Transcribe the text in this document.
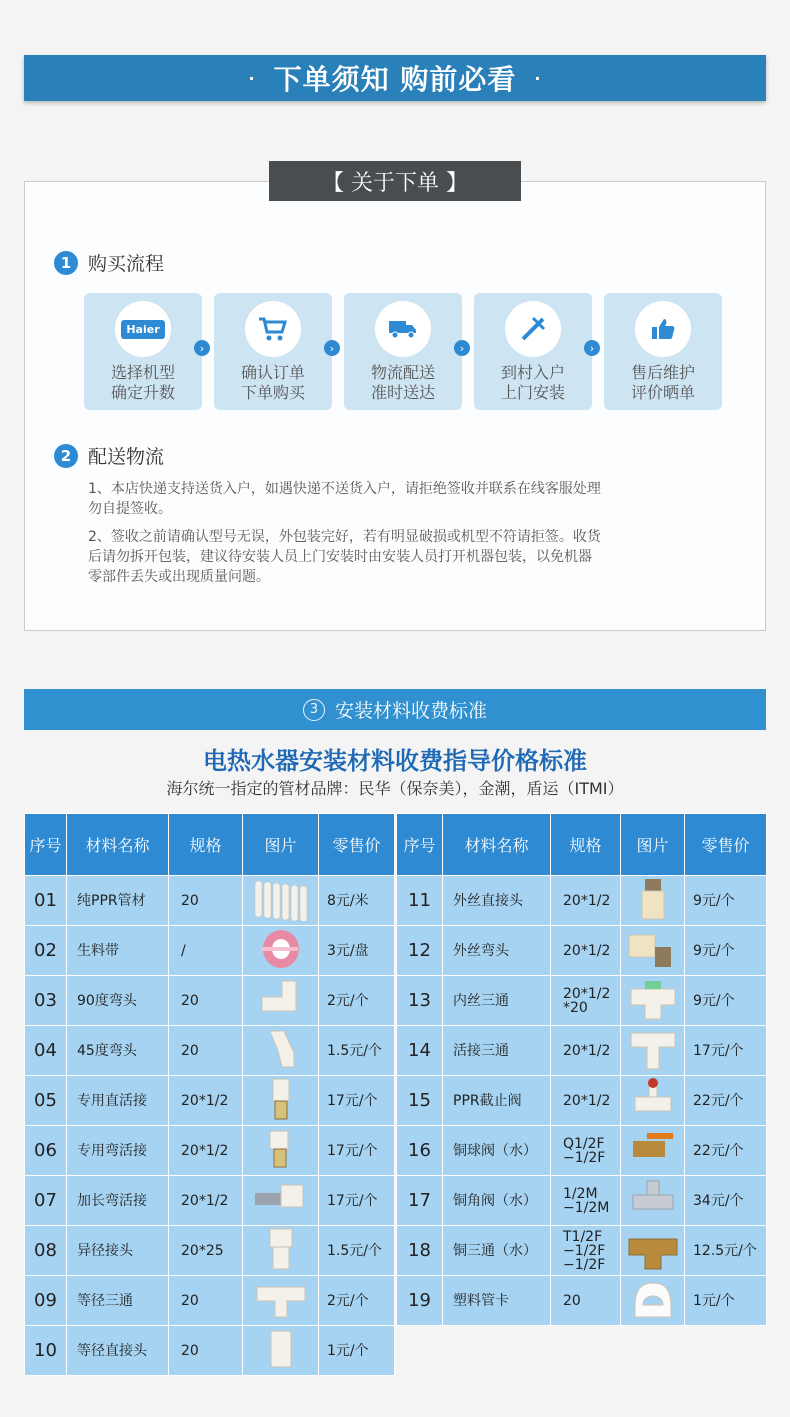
· 下单须知 购前必看 ·
【 关于下单 】
1 购买流程
Haier
选择机型
确定升数
›
确认订单
下单购买
›
物流配送
准时送达
›
到村入户
上门安装
›
售后维护
评价晒单
2 配送物流
1、本店快递支持送货入户，如遇快递不送货入户，请拒绝签收并联系在线客服处理
勿自提签收。
2、签收之前请确认型号无误，外包装完好，若有明显破损或机型不符请拒签。收货
后请勿拆开包装，建议待安装人员上门安装时由安装人员打开机器包装，以免机器
零部件丢失或出现质量问题。
3 安装材料收费标准
电热水器安装材料收费指导价格标准
海尔统一指定的管材品牌：民华（保奈美），金潮，盾运（ITMI）
序号	材料名称	规格	图片	零售价
01	纯PPR管材	20		8元/米
02	生料带	/		3元/盘
03	90度弯头	20		2元/个
04	45度弯头	20		1.5元/个
05	专用直活接	20*1/2		17元/个
06	专用弯活接	20*1/2		17元/个
07	加长弯活接	20*1/2		17元/个
08	异径接头	20*25		1.5元/个
09	等径三通	20		2元/个
10	等径直接头	20		1元/个
序号	材料名称	规格	图片	零售价
11	外丝直接头	20*1/2		9元/个
12	外丝弯头	20*1/2		9元/个
13	内丝三通	20*1/2
*20		9元/个
14	活接三通	20*1/2		17元/个
15	PPR截止阀	20*1/2		22元/个
16	铜球阀（水）	Q1/2F
−1/2F		22元/个
17	铜角阀（水）	1/2M
−1/2M		34元/个
18	铜三通（水）	T1/2F
−1/2F
−1/2F		12.5元/个
19	塑料管卡	20		1元/个
